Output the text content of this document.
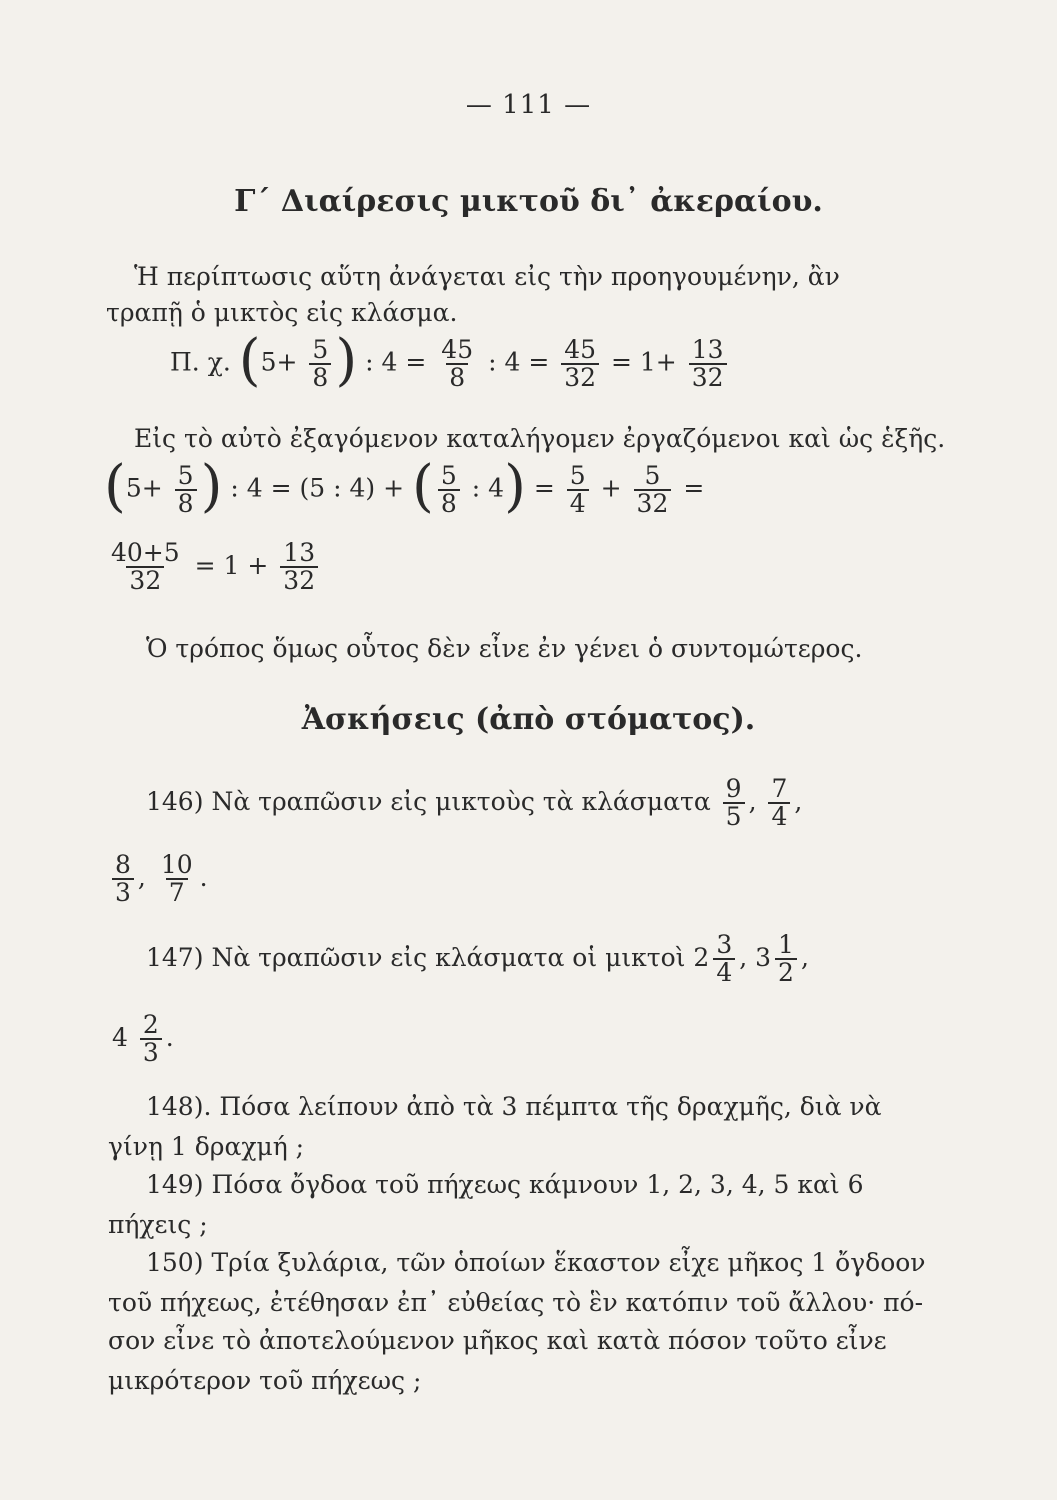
— 111 —
Γ΄ Διαίρεσις μικτοῦ δι᾽ ἀκεραίου.
Ἡ περίπτωσις αὕτη ἀνάγεται εἰς τὴν προηγουμένην, ἂν
τραπῇ ὁ μικτὸς εἰς κλάσμα.
Π. χ. ($5+ \frac{5}{8}$ ) : $4 = \frac{45}{8}$ : $4 = \frac{45}{32} = 1+ \frac{13}{32}$
Εἰς τὸ αὐτὸ ἐξαγόμενον καταλήγομεν ἐργαζόμενοι καὶ ὡς ἑξῆς.
($5+ \frac{5}{8}$ ) : 4 = (5 : 4) + ( $\frac{5}{8}$ : $4) = \frac{5}{4} + \frac{5}{32}$ =
$\frac{40+5}{32} = 1 + \frac{13}{32}$
Ὁ τρόπος ὅμως οὗτος δὲν εἶνε ἐν γένει ὁ συντομώτερος.
Ἀσκήσεις (ἀπὸ στόματος).
146) Νὰ τραπῶσιν εἰς μικτοὺς τὰ κλάσματα $\frac{9}{5}$ , $\frac{7}{4}$ ,
$\frac{8}{3}$ , $\frac{10}{7}$ .
147) Νὰ τραπῶσιν εἰς κλάσματα οἱ μικτοὶ $2 \frac{3}{4}$ , $3 \frac{1}{2}$ ,
$4 \frac{2}{3}$ .
148). Πόσα λείπουν ἀπὸ τὰ 3 πέμπτα τῆς δραχμῆς, διὰ νὰ
γίνῃ 1 δραχμή ;
149) Πόσα ὄγδοα τοῦ πήχεως κάμνουν 1, 2, 3, 4, 5 καὶ 6
πήχεις ;
150) Τρία ξυλάρια, τῶν ὁποίων ἕκαστον εἶχε μῆκος 1 ὄγδοον
τοῦ πήχεως, ἐτέθησαν ἐπ᾽ εὐθείας τὸ ἓν κατόπιν τοῦ ἄλλου· πό-
σον εἶνε τὸ ἀποτελούμενον μῆκος καὶ κατὰ πόσον τοῦτο εἶνε
μικρότερον τοῦ πήχεως ;
